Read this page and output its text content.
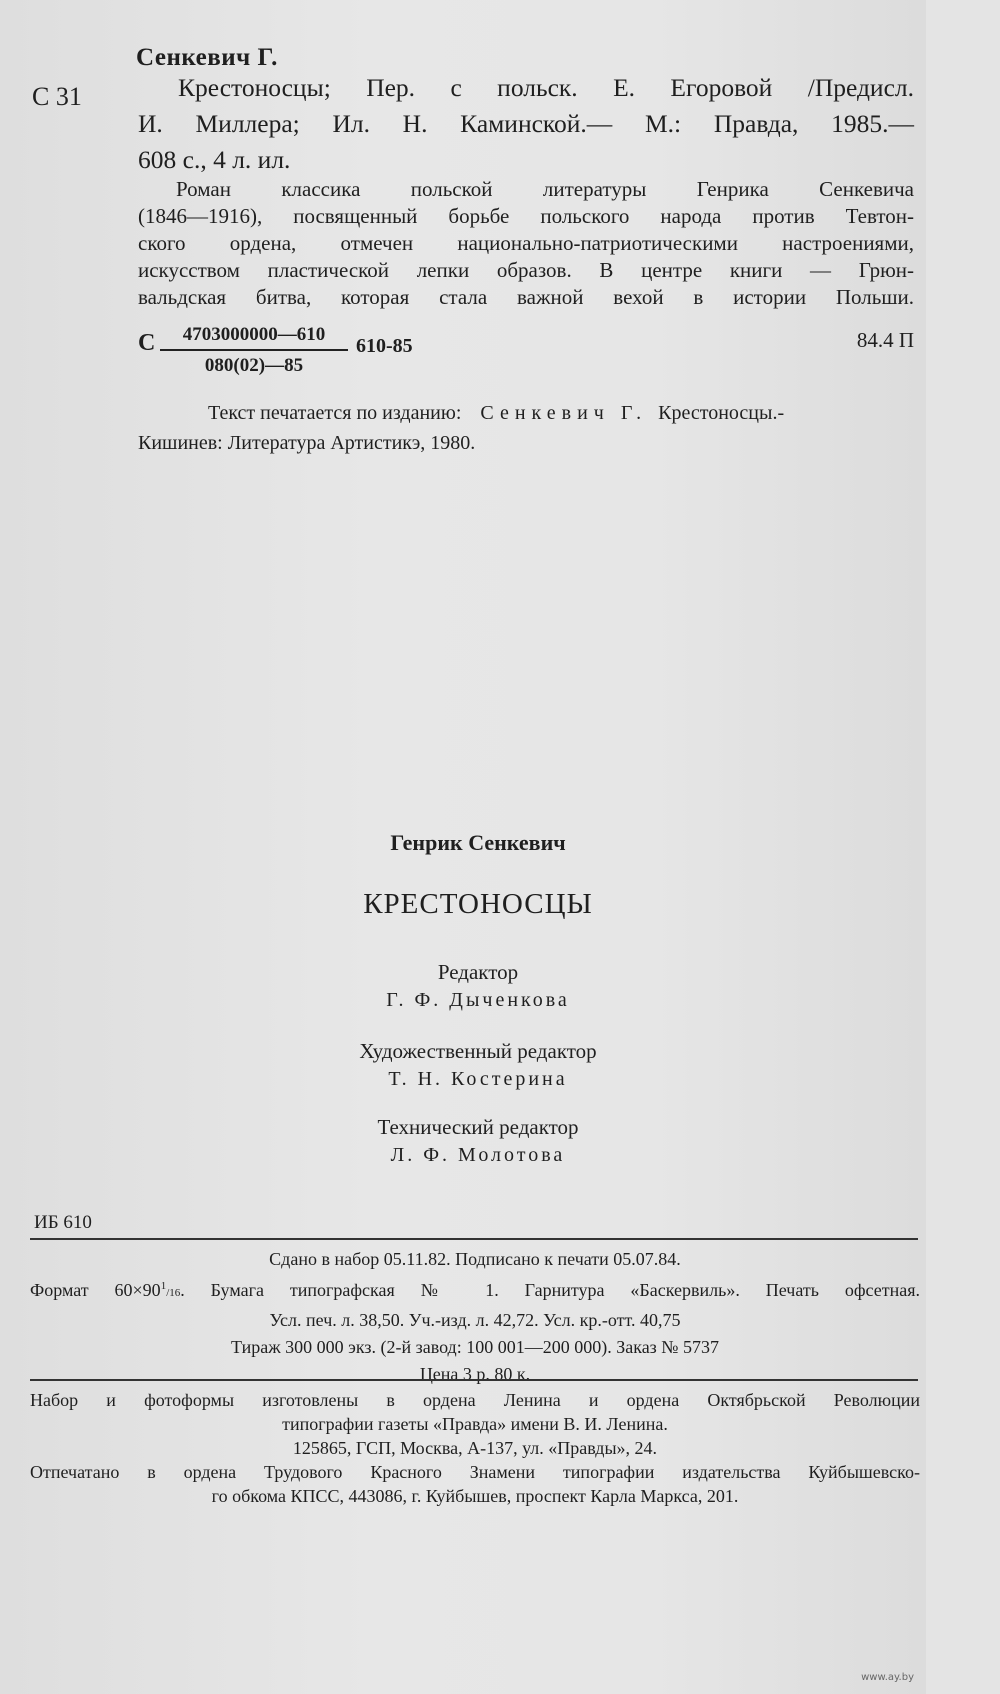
Сенкевич Г.
С 31	Крестоносцы; Пер. с польск. Е. Егоровой /Предисл.
И. Миллера; Ил. Н. Каминской.— М.: Правда, 1985.—
608 с., 4 л. ил.
Роман классика польской литературы Генрика Сенкевича
(1846—1916), посвященный борьбе польского народа против Тевтон-
ского ордена, отмечен национально-патриотическими настроениями,
искусством пластической лепки образов. В центре книги — Грюн-
вальдская битва, которая стала важной вехой в истории Польши.
С $\frac{4703000000—610}{080(02)—85} 610-85$	84.4 П
Текст печатается по изданию: Сенкевич Г. Крестоносцы.-
Кишинев: Литература Артистикэ, 1980.
Генрик Сенкевич
КРЕСТОНОСЦЫ
Редактор
Г. Ф. Дыченкова
Художественный редактор
Т. Н. Костерина
Технический редактор
Л. Ф. Молотова
ИБ 610
Сдано в набор 05.11.82. Подписано к печати 05.07.84.
Формат $60\times 90^1/16$. Бумага типографская № 1. Гарнитура «Баскервиль». Печать офсетная.
Усл. печ. л. 38,50. Уч.-изд. л. 42,72. Усл. кр.-отт. 40,75
Тираж 300 000 экз. (2-й завод: 100 001—200 000). Заказ № 5737
Цена 3 р. 80 к.
Набор и фотоформы изготовлены в ордена Ленина и ордена Октябрьской Революции
типографии газеты «Правда» имени В. И. Ленина.
125865, ГСП, Москва, А-137, ул. «Правды», 24.
Отпечатано в ордена Трудового Красного Знамени типографии издательства Куйбышевско-
го обкома КПСС, 443086, г. Куйбышев, проспект Карла Маркса, 201.
www.ay.by
